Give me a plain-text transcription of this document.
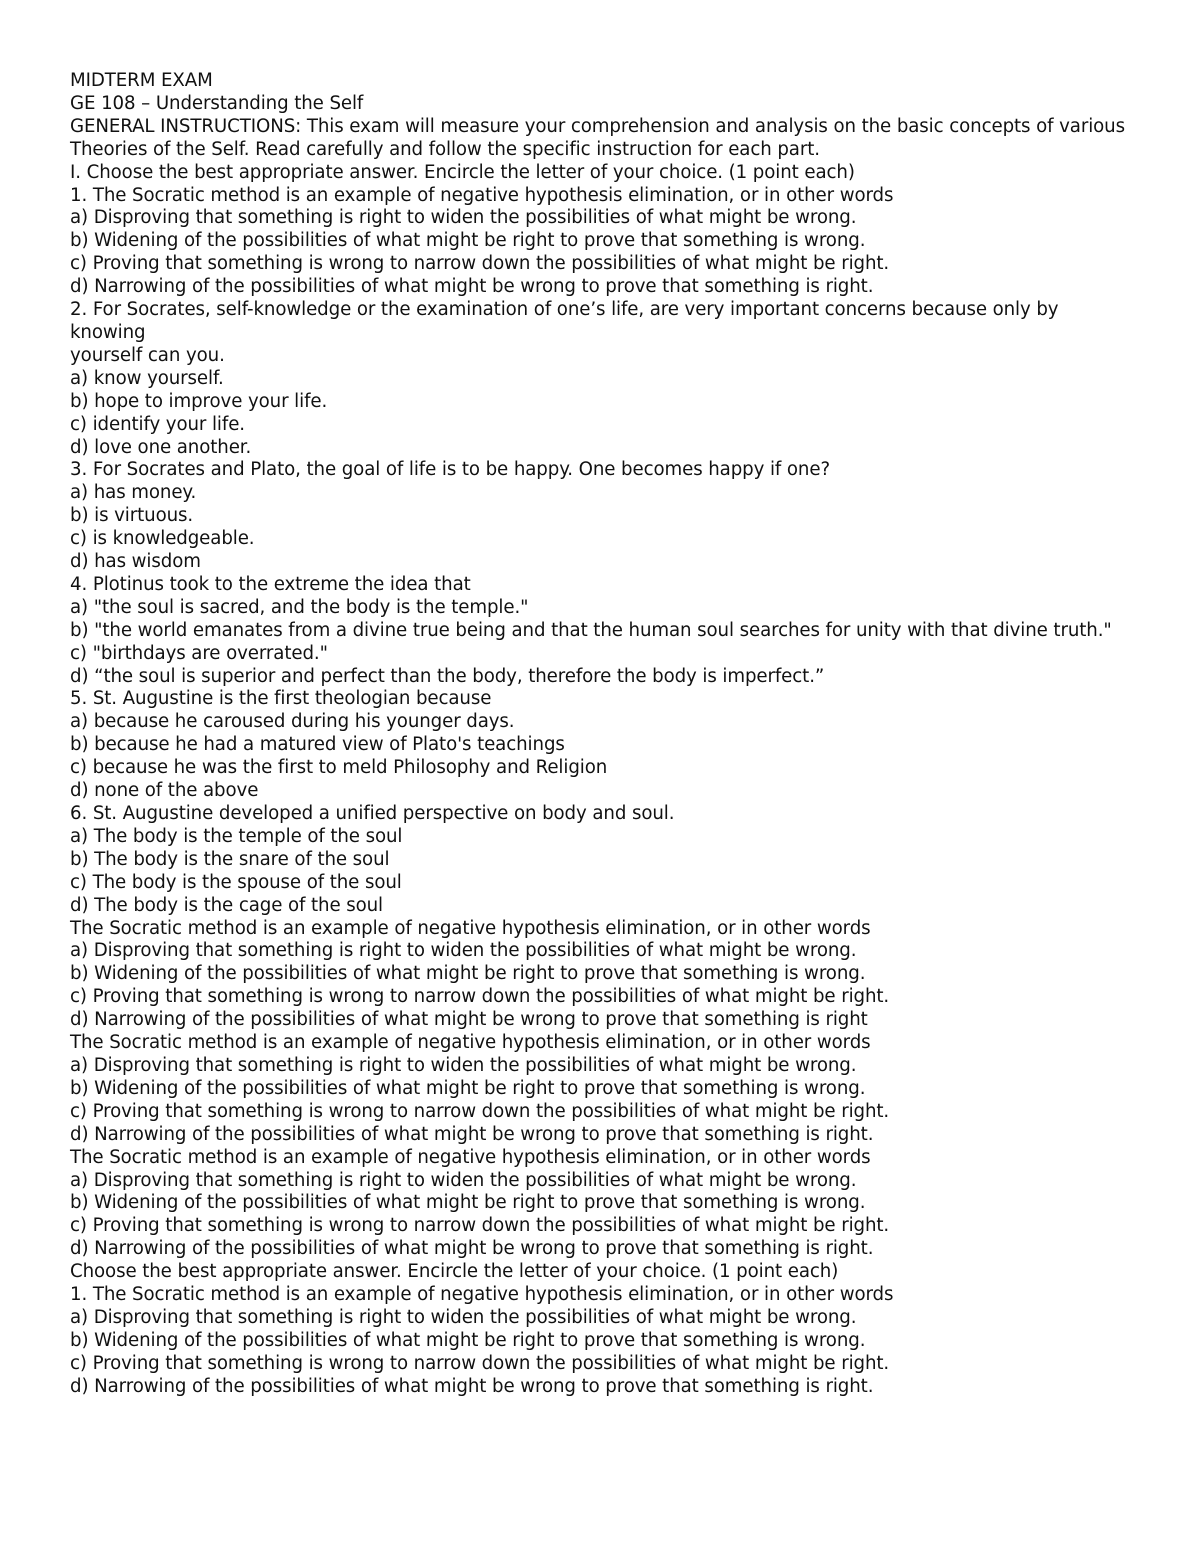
MIDTERM EXAM

GE 108 – Understanding the Self

GENERAL INSTRUCTIONS: This exam will measure your comprehension and analysis on the basic concepts of various

Theories of the Self. Read carefully and follow the specific instruction for each part.

I. Choose the best appropriate answer. Encircle the letter of your choice. (1 point each)

1. The Socratic method is an example of negative hypothesis elimination, or in other words

a) Disproving that something is right to widen the possibilities of what might be wrong.

b) Widening of the possibilities of what might be right to prove that something is wrong.

c) Proving that something is wrong to narrow down the possibilities of what might be right.

d) Narrowing of the possibilities of what might be wrong to prove that something is right.

2. For Socrates, self-knowledge or the examination of one’s life, are very important concerns because only by knowing

yourself can you.

a) know yourself.

b) hope to improve your life.

c) identify your life.

d) love one another.

3. For Socrates and Plato, the goal of life is to be happy. One becomes happy if one?

a) has money.

b) is virtuous.

c) is knowledgeable.

d) has wisdom

4. Plotinus took to the extreme the idea that

a) "the soul is sacred, and the body is the temple."

b) "the world emanates from a divine true being and that the human soul searches for unity with that divine truth."

c) "birthdays are overrated."

d) “the soul is superior and perfect than the body, therefore the body is imperfect.”

5. St. Augustine is the first theologian because

a) because he caroused during his younger days.

b) because he had a matured view of Plato's teachings

c) because he was the first to meld Philosophy and Religion

d) none of the above

6. St. Augustine developed a unified perspective on body and soul.

a) The body is the temple of the soul

b) The body is the snare of the soul

c) The body is the spouse of the soul

d) The body is the cage of the soul

The Socratic method is an example of negative hypothesis elimination, or in other words

a) Disproving that something is right to widen the possibilities of what might be wrong.

b) Widening of the possibilities of what might be right to prove that something is wrong.

c) Proving that something is wrong to narrow down the possibilities of what might be right.

d) Narrowing of the possibilities of what might be wrong to prove that something is right

The Socratic method is an example of negative hypothesis elimination, or in other words

a) Disproving that something is right to widen the possibilities of what might be wrong.

b) Widening of the possibilities of what might be right to prove that something is wrong.

c) Proving that something is wrong to narrow down the possibilities of what might be right.

d) Narrowing of the possibilities of what might be wrong to prove that something is right.

The Socratic method is an example of negative hypothesis elimination, or in other words

a) Disproving that something is right to widen the possibilities of what might be wrong.

b) Widening of the possibilities of what might be right to prove that something is wrong.

c) Proving that something is wrong to narrow down the possibilities of what might be right.

d) Narrowing of the possibilities of what might be wrong to prove that something is right.

Choose the best appropriate answer. Encircle the letter of your choice. (1 point each)

1. The Socratic method is an example of negative hypothesis elimination, or in other words

a) Disproving that something is right to widen the possibilities of what might be wrong.

b) Widening of the possibilities of what might be right to prove that something is wrong.

c) Proving that something is wrong to narrow down the possibilities of what might be right.

d) Narrowing of the possibilities of what might be wrong to prove that something is right.
